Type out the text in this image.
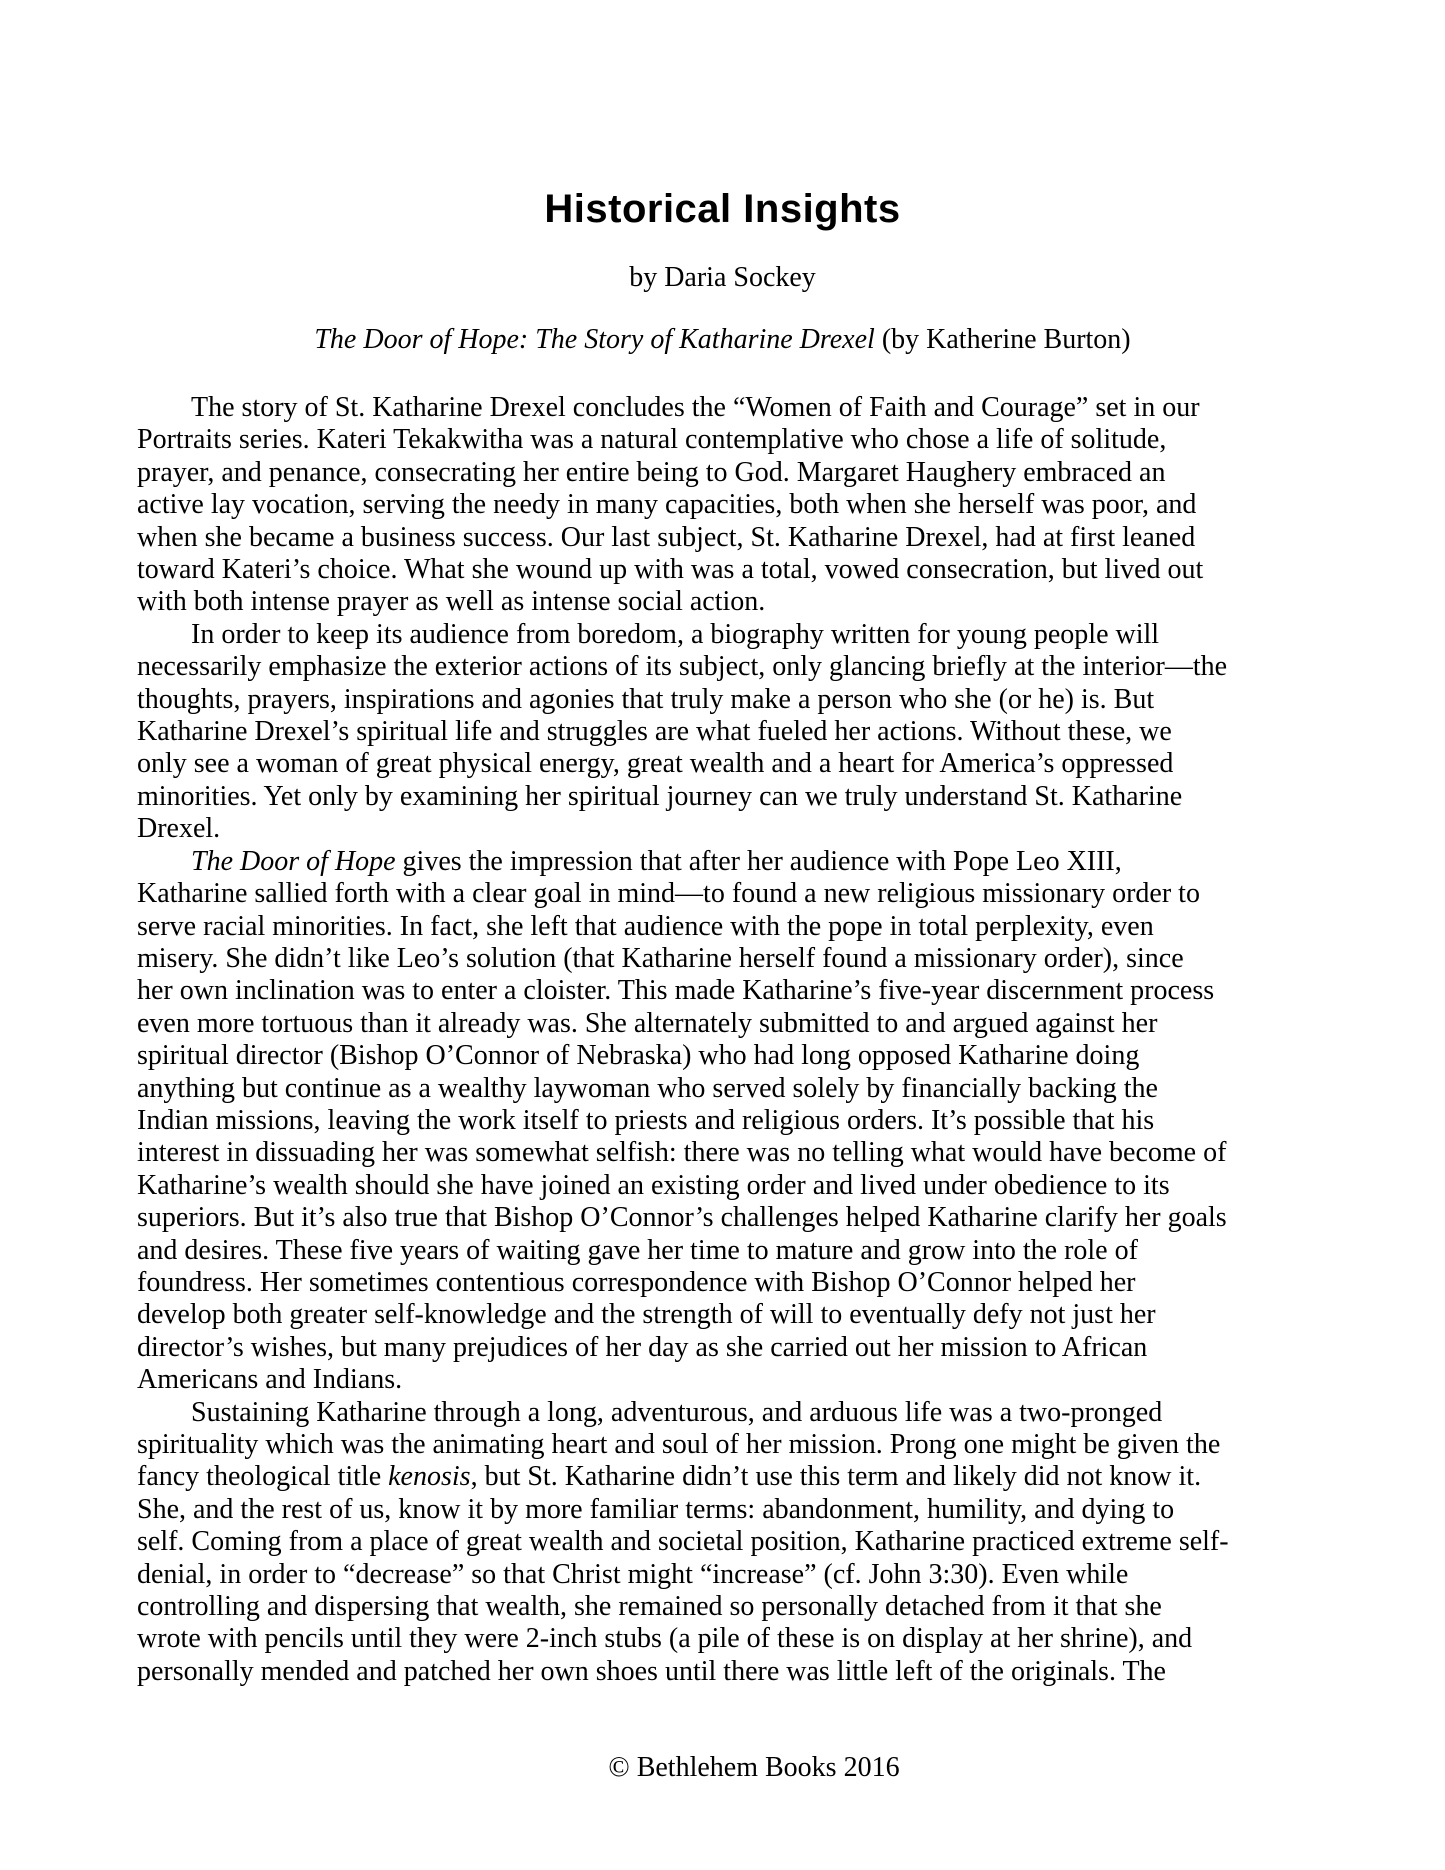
Historical Insights
by Daria Sockey
The Door of Hope: The Story of Katharine Drexel (by Katherine Burton)
The story of St. Katharine Drexel concludes the “Women of Faith and Courage” set in our
Portraits series. Kateri Tekakwitha was a natural contemplative who chose a life of solitude,
prayer, and penance, consecrating her entire being to God. Margaret Haughery embraced an
active lay vocation, serving the needy in many capacities, both when she herself was poor, and
when she became a business success. Our last subject, St. Katharine Drexel, had at first leaned
toward Kateri’s choice. What she wound up with was a total, vowed consecration, but lived out
with both intense prayer as well as intense social action.
In order to keep its audience from boredom, a biography written for young people will
necessarily emphasize the exterior actions of its subject, only glancing briefly at the interior—the
thoughts, prayers, inspirations and agonies that truly make a person who she (or he) is. But
Katharine Drexel’s spiritual life and struggles are what fueled her actions. Without these, we
only see a woman of great physical energy, great wealth and a heart for America’s oppressed
minorities. Yet only by examining her spiritual journey can we truly understand St. Katharine
Drexel.
The Door of Hope gives the impression that after her audience with Pope Leo XIII,
Katharine sallied forth with a clear goal in mind—to found a new religious missionary order to
serve racial minorities. In fact, she left that audience with the pope in total perplexity, even
misery. She didn’t like Leo’s solution (that Katharine herself found a missionary order), since
her own inclination was to enter a cloister. This made Katharine’s five-year discernment process
even more tortuous than it already was. She alternately submitted to and argued against her
spiritual director (Bishop O’Connor of Nebraska) who had long opposed Katharine doing
anything but continue as a wealthy laywoman who served solely by financially backing the
Indian missions, leaving the work itself to priests and religious orders. It’s possible that his
interest in dissuading her was somewhat selfish: there was no telling what would have become of
Katharine’s wealth should she have joined an existing order and lived under obedience to its
superiors. But it’s also true that Bishop O’Connor’s challenges helped Katharine clarify her goals
and desires. These five years of waiting gave her time to mature and grow into the role of
foundress. Her sometimes contentious correspondence with Bishop O’Connor helped her
develop both greater self-knowledge and the strength of will to eventually defy not just her
director’s wishes, but many prejudices of her day as she carried out her mission to African
Americans and Indians.
Sustaining Katharine through a long, adventurous, and arduous life was a two-pronged
spirituality which was the animating heart and soul of her mission. Prong one might be given the
fancy theological title kenosis, but St. Katharine didn’t use this term and likely did not know it.
She, and the rest of us, know it by more familiar terms: abandonment, humility, and dying to
self. Coming from a place of great wealth and societal position, Katharine practiced extreme self-
denial, in order to “decrease” so that Christ might “increase” (cf. John 3:30). Even while
controlling and dispersing that wealth, she remained so personally detached from it that she
wrote with pencils until they were 2-inch stubs (a pile of these is on display at her shrine), and
personally mended and patched her own shoes until there was little left of the originals. The
© Bethlehem Books 2016
